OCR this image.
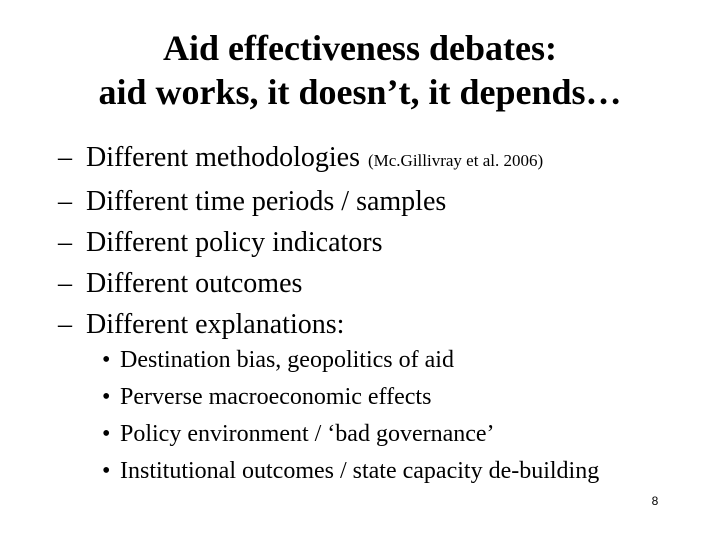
Aid effectiveness debates:
aid works, it doesn’t, it depends…
– Different methodologies (Mc.Gillivray et al. 2006)
– Different time periods / samples
– Different policy indicators
– Different outcomes
– Different explanations:
• Destination bias, geopolitics of aid
• Perverse macroeconomic effects
• Policy environment / ‘bad governance’
• Institutional outcomes / state capacity de-building
8
